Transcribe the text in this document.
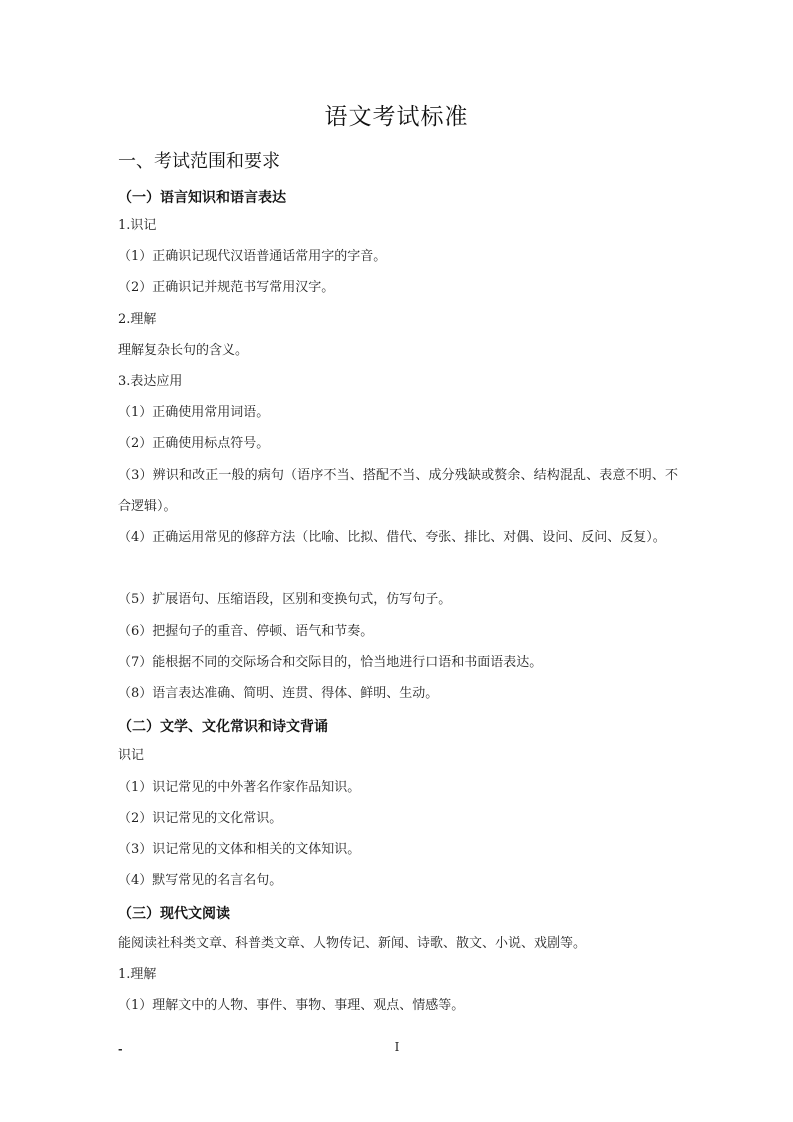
语文考试标准
一、考试范围和要求
（一）语言知识和语言表达
1.识记
（1）正确识记现代汉语普通话常用字的字音。
（2）正确识记并规范书写常用汉字。
2.理解
理解复杂长句的含义。
3.表达应用
（1）正确使用常用词语。
（2）正确使用标点符号。
（3）辨识和改正一般的病句（语序不当、搭配不当、成分残缺或赘余、结构混乱、表意不明、不合逻辑）。
（4）正确运用常见的修辞方法（比喻、比拟、借代、夸张、排比、对偶、设问、反问、反复）。
（5）扩展语句、压缩语段，区别和变换句式，仿写句子。
（6）把握句子的重音、停顿、语气和节奏。
（7）能根据不同的交际场合和交际目的，恰当地进行口语和书面语表达。
（8）语言表达准确、简明、连贯、得体、鲜明、生动。
（二）文学、文化常识和诗文背诵
识记
（1）识记常见的中外著名作家作品知识。
（2）识记常见的文化常识。
（3）识记常见的文体和相关的文体知识。
（4）默写常见的名言名句。
（三）现代文阅读
能阅读社科类文章、科普类文章、人物传记、新闻、诗歌、散文、小说、戏剧等。
1.理解
（1）理解文中的人物、事件、事物、事理、观点、情感等。
-	I
